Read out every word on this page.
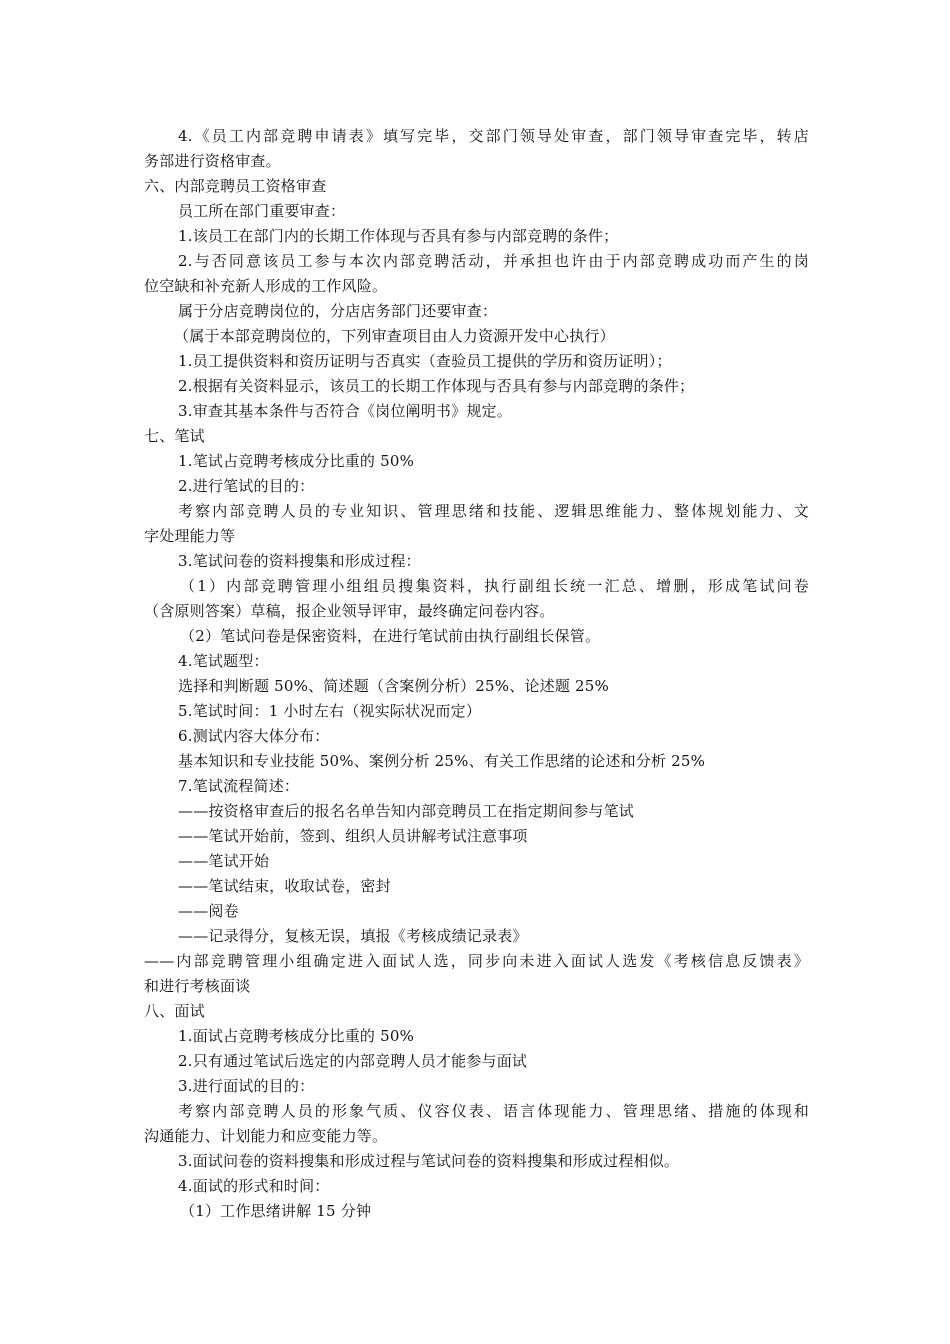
4.《员工内部竞聘申请表》填写完毕，交部门领导处审查，部门领导审查完毕，转店
务部进行资格审查。
六、内部竞聘员工资格审查
员工所在部门重要审查：
1.该员工在部门内的长期工作体现与否具有参与内部竞聘的条件；
2.与否同意该员工参与本次内部竞聘活动，并承担也许由于内部竞聘成功而产生的岗
位空缺和补充新人形成的工作风险。
属于分店竞聘岗位的，分店店务部门还要审查：
（属于本部竞聘岗位的，下列审查项目由人力资源开发中心执行）
1.员工提供资料和资历证明与否真实（查验员工提供的学历和资历证明）；
2.根据有关资料显示，该员工的长期工作体现与否具有参与内部竞聘的条件；
3.审查其基本条件与否符合《岗位阐明书》规定。
七、笔试
1.笔试占竞聘考核成分比重的 50%
2.进行笔试的目的：
考察内部竞聘人员的专业知识、管理思绪和技能、逻辑思维能力、整体规划能力、文
字处理能力等
3.笔试问卷的资料搜集和形成过程：
（1）内部竞聘管理小组组员搜集资料，执行副组长统一汇总、增删，形成笔试问卷
（含原则答案）草稿，报企业领导评审，最终确定问卷内容。
（2）笔试问卷是保密资料，在进行笔试前由执行副组长保管。
4.笔试题型：
选择和判断题 50%、简述题（含案例分析）25%、论述题 25%
5.笔试时间：1 小时左右（视实际状况而定）
6.测试内容大体分布：
基本知识和专业技能 50%、案例分析 25%、有关工作思绪的论述和分析 25%
7.笔试流程简述：
——按资格审查后的报名名单告知内部竞聘员工在指定期间参与笔试
——笔试开始前，签到、组织人员讲解考试注意事项
——笔试开始
——笔试结束，收取试卷，密封
——阅卷
——记录得分，复核无误，填报《考核成绩记录表》
——内部竞聘管理小组确定进入面试人选，同步向未进入面试人选发《考核信息反馈表》
和进行考核面谈
八、面试
1.面试占竞聘考核成分比重的 50%
2.只有通过笔试后选定的内部竞聘人员才能参与面试
3.进行面试的目的：
考察内部竞聘人员的形象气质、仪容仪表、语言体现能力、管理思绪、措施的体现和
沟通能力、计划能力和应变能力等。
3.面试问卷的资料搜集和形成过程与笔试问卷的资料搜集和形成过程相似。
4.面试的形式和时间：
（1）工作思绪讲解 15 分钟
